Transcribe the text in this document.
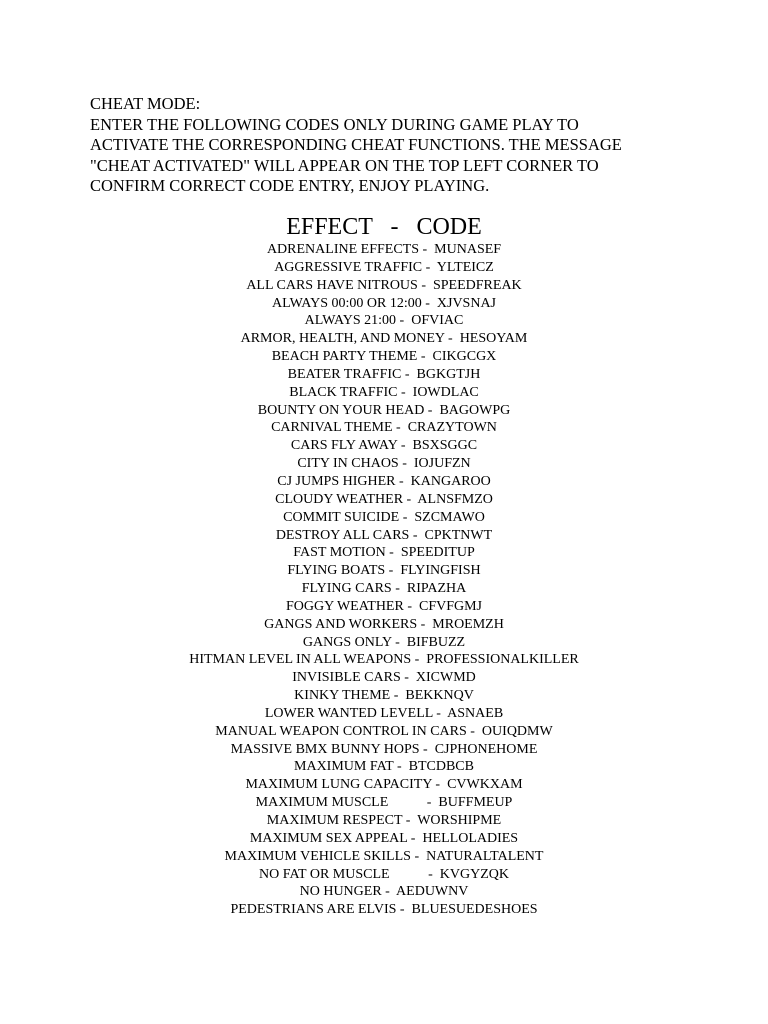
CHEAT MODE:
ENTER THE FOLLOWING CODES ONLY DURING GAME PLAY TO
ACTIVATE THE CORRESPONDING CHEAT FUNCTIONS. THE MESSAGE
"CHEAT ACTIVATED" WILL APPEAR ON THE TOP LEFT CORNER TO
CONFIRM CORRECT CODE ENTRY, ENJOY PLAYING.
EFFECT   -   CODE
ADRENALINE EFFECTS -  MUNASEF
AGGRESSIVE TRAFFIC -  YLTEICZ
ALL CARS HAVE NITROUS -  SPEEDFREAK
ALWAYS 00:00 OR 12:00 -  XJVSNAJ
ALWAYS 21:00 -  OFVIAC
ARMOR, HEALTH, AND MONEY -  HESOYAM
BEACH PARTY THEME -  CIKGCGX
BEATER TRAFFIC -  BGKGTJH
BLACK TRAFFIC -  IOWDLAC
BOUNTY ON YOUR HEAD -  BAGOWPG
CARNIVAL THEME -  CRAZYTOWN
CARS FLY AWAY -  BSXSGGC
CITY IN CHAOS -  IOJUFZN
CJ JUMPS HIGHER -  KANGAROO
CLOUDY WEATHER -  ALNSFMZO
COMMIT SUICIDE -  SZCMAWO
DESTROY ALL CARS -  CPKTNWT
FAST MOTION -  SPEEDITUP
FLYING BOATS -  FLYINGFISH
FLYING CARS -  RIPAZHA
FOGGY WEATHER -  CFVFGMJ
GANGS AND WORKERS -  MROEMZH
GANGS ONLY -  BIFBUZZ
HITMAN LEVEL IN ALL WEAPONS -  PROFESSIONALKILLER
INVISIBLE CARS -  XICWMD
KINKY THEME -  BEKKNQV
LOWER WANTED LEVELL -  ASNAEB
MANUAL WEAPON CONTROL IN CARS -  OUIQDMW
MASSIVE BMX BUNNY HOPS -  CJPHONEHOME
MAXIMUM FAT -  BTCDBCB
MAXIMUM LUNG CAPACITY -  CVWKXAM
MAXIMUM MUSCLE           -  BUFFMEUP
MAXIMUM RESPECT -  WORSHIPME
MAXIMUM SEX APPEAL -  HELLOLADIES
MAXIMUM VEHICLE SKILLS -  NATURALTALENT
NO FAT OR MUSCLE           -  KVGYZQK
NO HUNGER -  AEDUWNV
PEDESTRIANS ARE ELVIS -  BLUESUEDESHOES
